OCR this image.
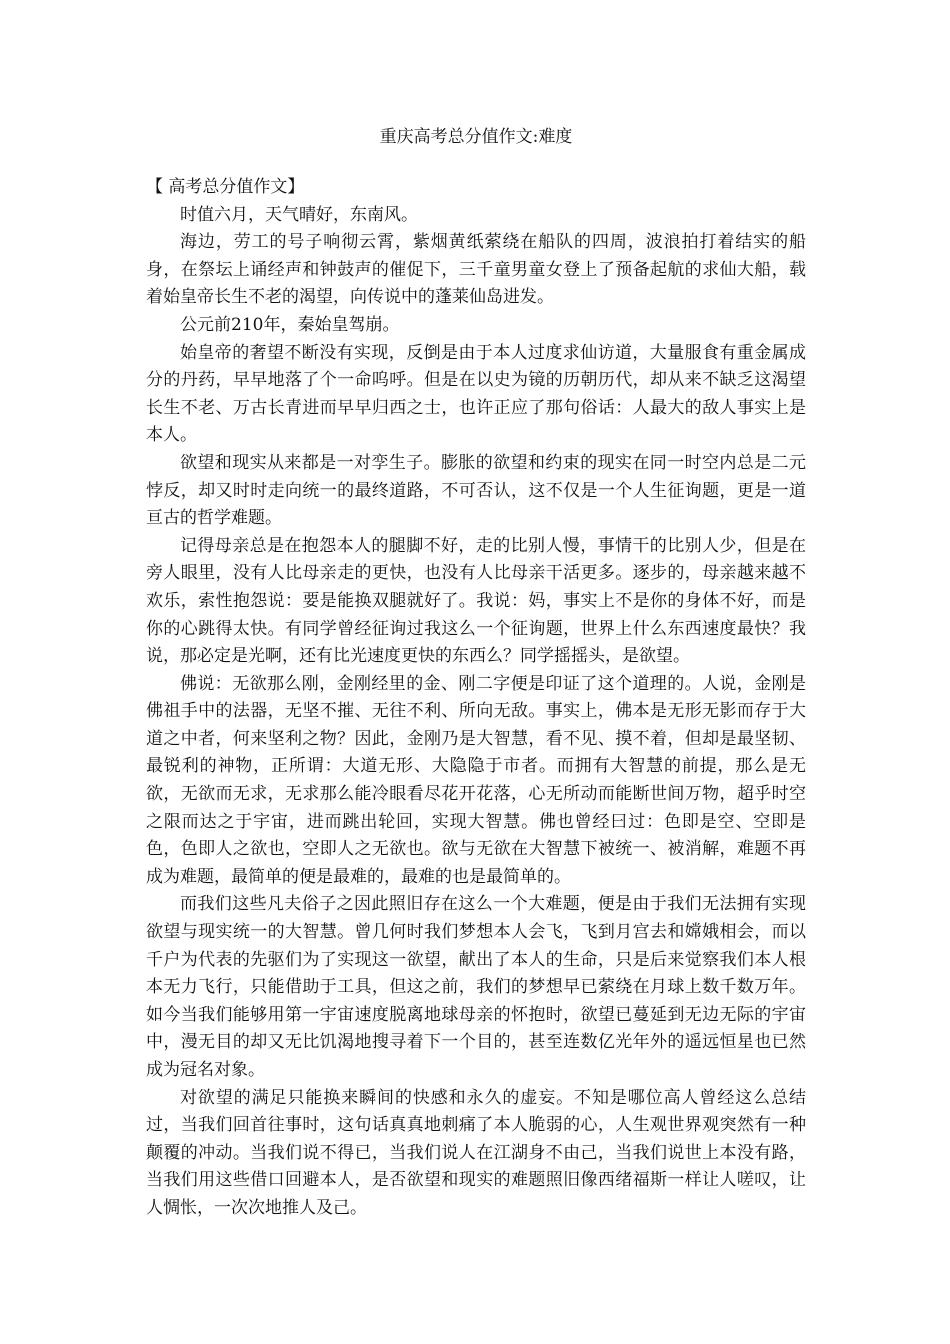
重庆高考总分值作文:难度

【 高考总分值作文】

时值六月，天气晴好，东南风。

海边，劳工的号子响彻云霄，紫烟黄纸萦绕在船队的四周，波浪拍打着结实的船身，在祭坛上诵经声和钟鼓声的催促下，三千童男童女登上了预备起航的求仙大船，载着始皇帝长生不老的渴望，向传说中的蓬莱仙岛进发。

公元前210年，秦始皇驾崩。

始皇帝的奢望不断没有实现，反倒是由于本人过度求仙访道，大量服食有重金属成分的丹药，早早地落了个一命呜呼。但是在以史为镜的历朝历代，却从来不缺乏这渴望长生不老、万古长青进而早早归西之士，也许正应了那句俗话：人最大的敌人事实上是本人。

欲望和现实从来都是一对孪生子。膨胀的欲望和约束的现实在同一时空内总是二元悖反，却又时时走向统一的最终道路，不可否认，这不仅是一个人生征询题，更是一道亘古的哲学难题。

记得母亲总是在抱怨本人的腿脚不好，走的比别人慢，事情干的比别人少，但是在旁人眼里，没有人比母亲走的更快，也没有人比母亲干活更多。逐步的，母亲越来越不欢乐，索性抱怨说：要是能换双腿就好了。我说：妈，事实上不是你的身体不好，而是你的心跳得太快。有同学曾经征询过我这么一个征询题，世界上什么东西速度最快？我说，那必定是光啊，还有比光速度更快的东西么？同学摇摇头，是欲望。

佛说：无欲那么刚，金刚经里的金、刚二字便是印证了这个道理的。人说，金刚是佛祖手中的法器，无坚不摧、无往不利、所向无敌。事实上，佛本是无形无影而存于大道之中者，何来坚利之物？因此，金刚乃是大智慧，看不见、摸不着，但却是最坚韧、最锐利的神物，正所谓：大道无形、大隐隐于市者。而拥有大智慧的前提，那么是无欲，无欲而无求，无求那么能冷眼看尽花开花落，心无所动而能断世间万物，超乎时空之限而达之于宇宙，进而跳出轮回，实现大智慧。佛也曾经曰过：色即是空、空即是色，色即人之欲也，空即人之无欲也。欲与无欲在大智慧下被统一、被消解，难题不再成为难题，最简单的便是最难的，最难的也是最简单的。

而我们这些凡夫俗子之因此照旧存在这么一个大难题，便是由于我们无法拥有实现欲望与现实统一的大智慧。曾几何时我们梦想本人会飞，飞到月宫去和嫦娥相会，而以千户为代表的先驱们为了实现这一欲望，献出了本人的生命，只是后来觉察我们本人根本无力飞行，只能借助于工具，但这之前，我们的梦想早已萦绕在月球上数千数万年。如今当我们能够用第一宇宙速度脱离地球母亲的怀抱时，欲望已蔓延到无边无际的宇宙中，漫无目的却又无比饥渴地搜寻着下一个目的，甚至连数亿光年外的遥远恒星也已然成为冠名对象。

对欲望的满足只能换来瞬间的快感和永久的虚妄。不知是哪位高人曾经这么总结过，当我们回首往事时，这句话真真地刺痛了本人脆弱的心，人生观世界观突然有一种颠覆的冲动。当我们说不得已，当我们说人在江湖身不由己，当我们说世上本没有路，当我们用这些借口回避本人，是否欲望和现实的难题照旧像西绪福斯一样让人嗟叹，让人惆怅，一次次地推人及己。
